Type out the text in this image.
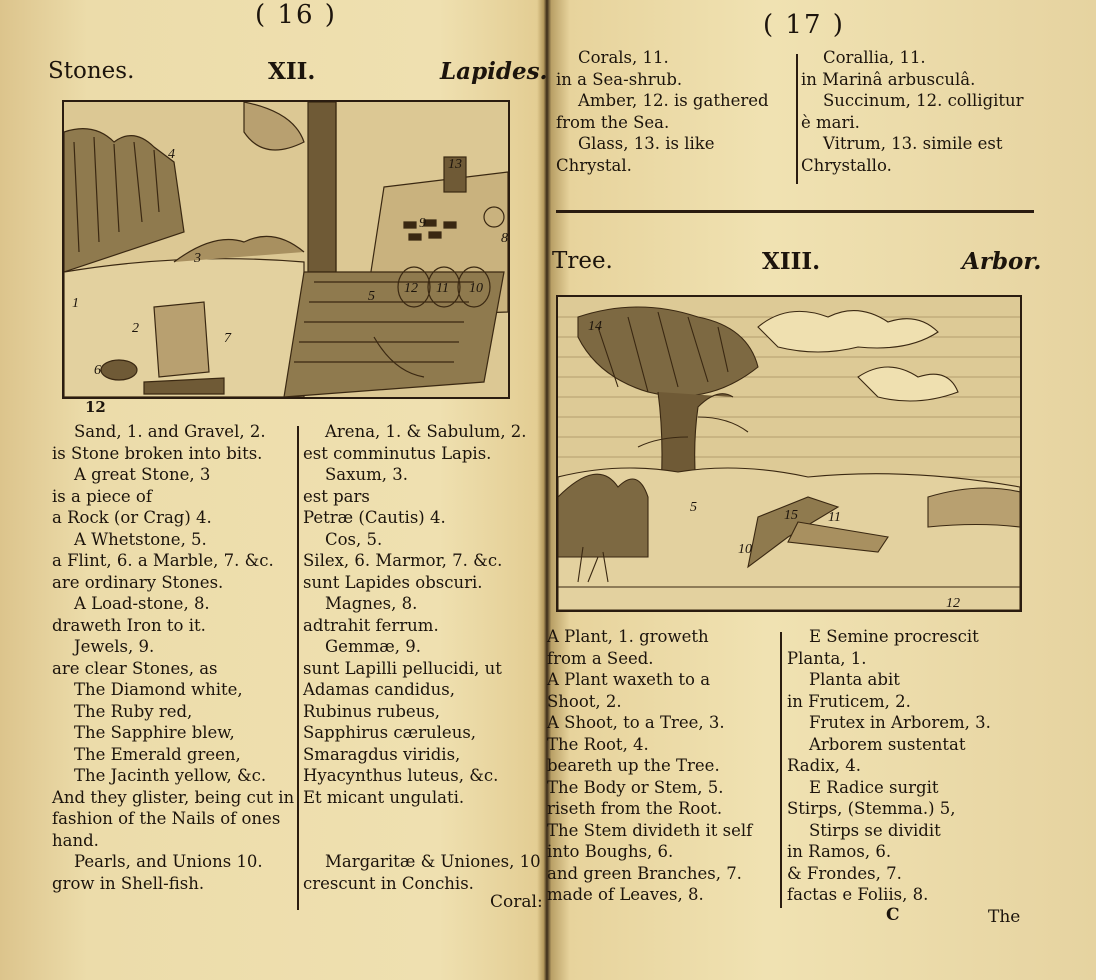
( 16 )
Stones.	XII.	Lapides.
4
3
1
2
7
6
13
9
8
12 11 10
5
12
Sand, 1. and Gravel, 2.
is Stone broken into bits.
A great Stone, 3
is a piece of
a Rock (or Crag) 4.
A Whetstone, 5.
a Flint, 6. a Marble, 7. &c.
are ordinary Stones.
A Load-stone, 8.
draweth Iron to it.
Jewels, 9.
are clear Stones, as
The Diamond white,
The Ruby red,
The Sapphire blew,
The Emerald green,
The Jacinth yellow, &c.
And they glister, being cut in
fashion of the Nails of ones
hand.
Pearls, and Unions 10.
grow in Shell-fish.
Arena, 1. & Sabulum, 2.
est comminutus Lapis.
Saxum, 3.
est pars
Petræ (Cautis) 4.
Cos, 5.
Silex, 6. Marmor, 7. &c.
sunt Lapides obscuri.
Magnes, 8.
adtrahit ferrum.
Gemmæ, 9.
sunt Lapilli pellucidi, ut
Adamas candidus,
Rubinus rubeus,
Sapphirus cæruleus,
Smaragdus viridis,
Hyacynthus luteus, &c.
Et micant ungulati.
Margaritæ & Uniones, 10
crescunt in Conchis.
Coral:
( 17 )
Corals, 11.
in a Sea-shrub.
Amber, 12. is gathered
from the Sea.
Glass, 13. is like
Chrystal.
Corallia, 11.
in Marinâ arbusculâ.
Succinum, 12. colligitur
è mari.
Vitrum, 13. simile est
Chrystallo.
Tree.	XIII.	Arbor.
14
5
10
15 11
12
A Plant, 1. groweth
from a Seed.
A Plant waxeth to a
Shoot, 2.
A Shoot, to a Tree, 3.
The Root, 4.
beareth up the Tree.
The Body or Stem, 5.
riseth from the Root.
The Stem divideth it self
into Boughs, 6.
and green Branches, 7.
made of Leaves, 8.
E Semine procrescit
Planta, 1.
Planta abit
in Fruticem, 2.
Frutex in Arborem, 3.
Arborem sustentat
Radix, 4.
E Radice surgit
Stirps, (Stemma.) 5,
Stirps se dividit
in Ramos, 6.
& Frondes, 7.
factas e Foliis, 8.
C	The
